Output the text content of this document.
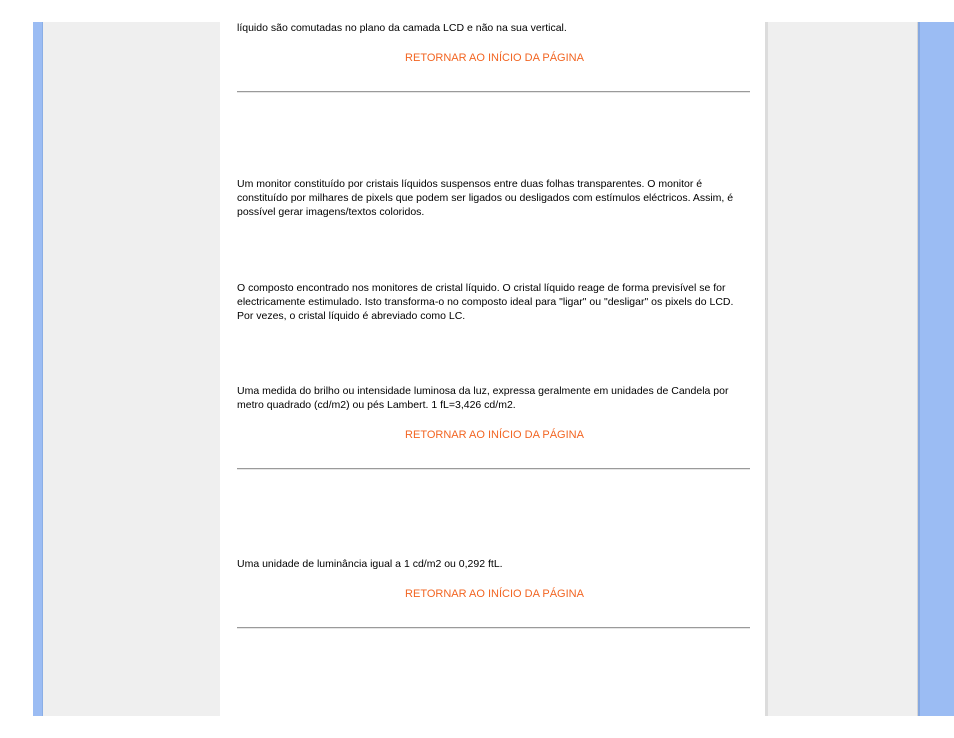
líquido são comutadas no plano da camada LCD e não na sua vertical.
RETORNAR AO INÍCIO DA PÁGINA
Um monitor constituído por cristais líquidos suspensos entre duas folhas transparentes. O monitor é constituído por milhares de pixels que podem ser ligados ou desligados com estímulos eléctricos. Assim, é possível gerar imagens/textos coloridos.
O composto encontrado nos monitores de cristal líquido. O cristal líquido reage de forma previsível se for electricamente estimulado. Isto transforma-o no composto ideal para "ligar" ou "desligar" os pixels do LCD. Por vezes, o cristal líquido é abreviado como LC.
Uma medida do brilho ou intensidade luminosa da luz, expressa geralmente em unidades de Candela por metro quadrado (cd/m2) ou pés Lambert. 1 fL=3,426 cd/m2.
RETORNAR AO INÍCIO DA PÁGINA
Uma unidade de luminância igual a 1 cd/m2 ou 0,292 ftL.
RETORNAR AO INÍCIO DA PÁGINA
